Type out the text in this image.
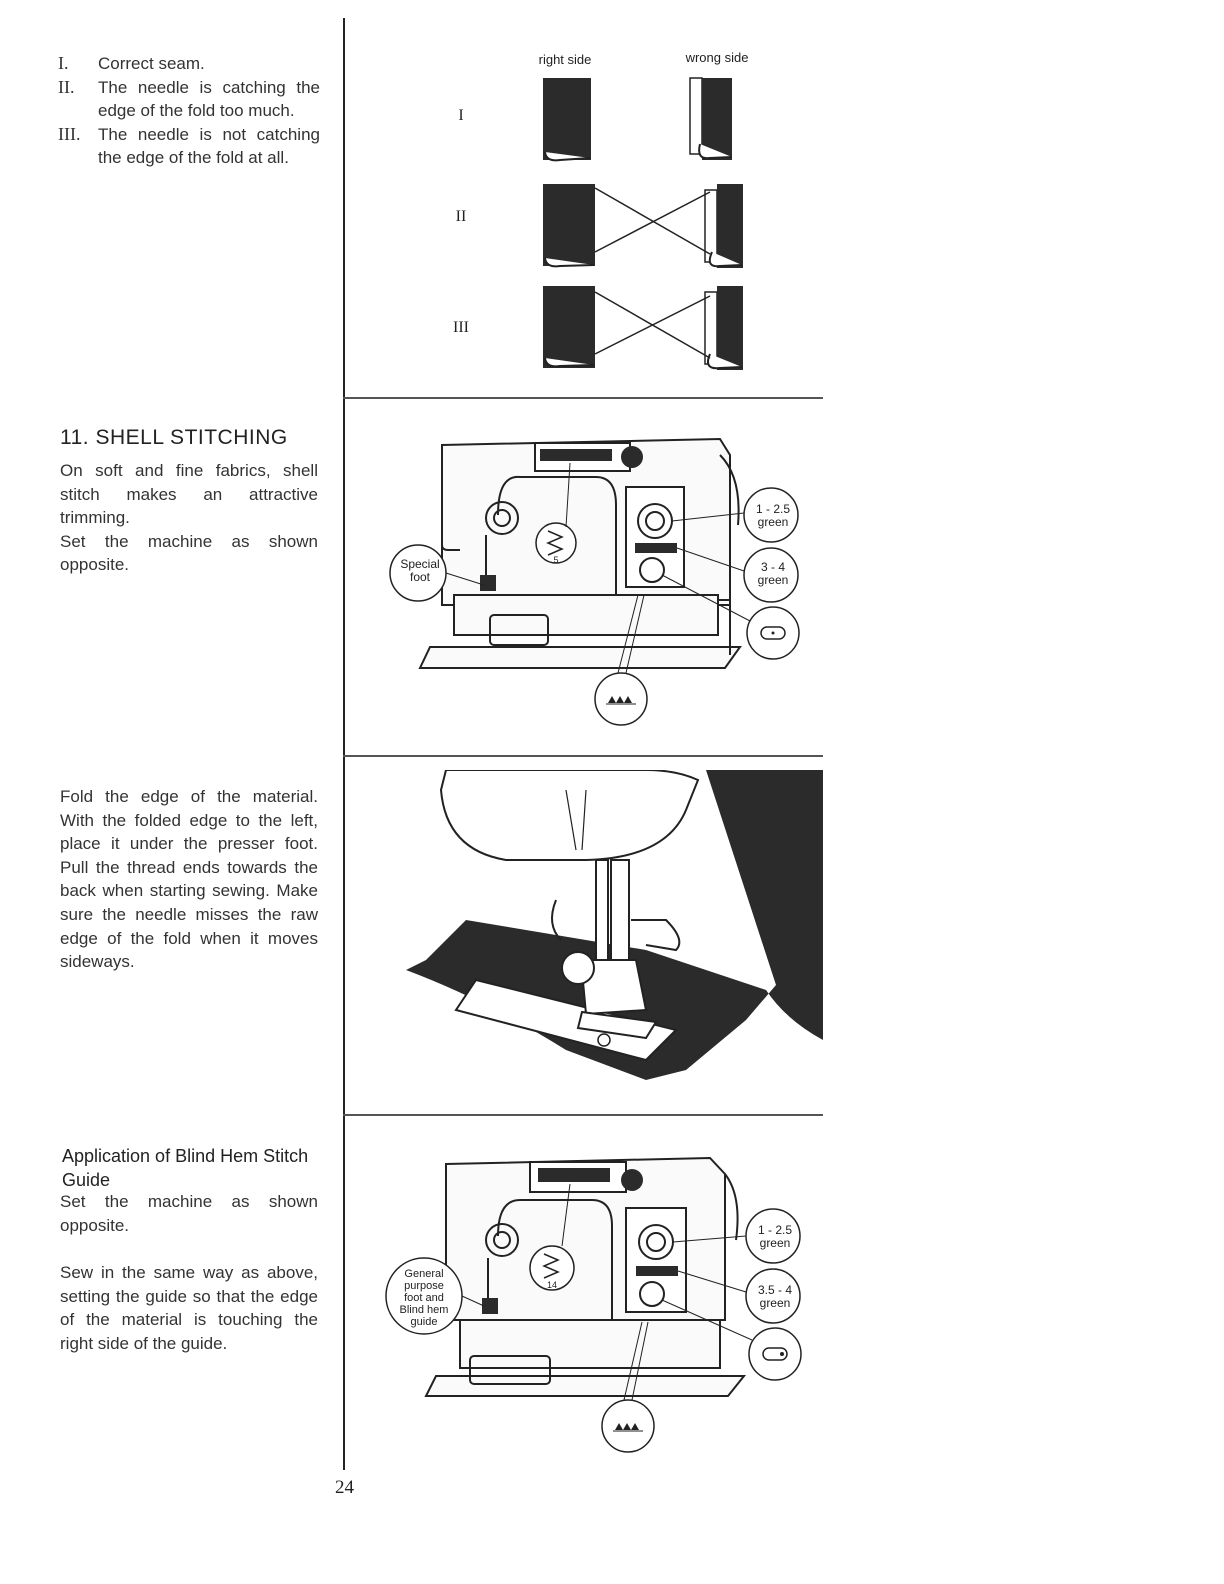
I.	Correct seam.
II.	The needle is catching the edge of the fold too much.
III.	The needle is not catching the edge of the fold at all.
11. SHELL STITCHING

On soft and fine fabrics, shell stitch makes an attractive trimming.

Set the machine as shown opposite.

Fold the edge of the material. With the folded edge to the left, place it under the presser foot. Pull the thread ends towards the back when starting sewing. Make sure the needle misses the raw edge of the fold when it moves sideways.

Application of Blind Hem Stitch Guide

Set the machine as shown opposite.

Sew in the same way as above, setting the guide so that the edge of the material is touching the right side of the guide.

right side	wrong side
I
II
III
5
Special
foot
1 - 2.5
green
3 - 4
green
14
General
purpose
foot and
Blind hem
guide
1 - 2.5
green
3.5 - 4
green
24
